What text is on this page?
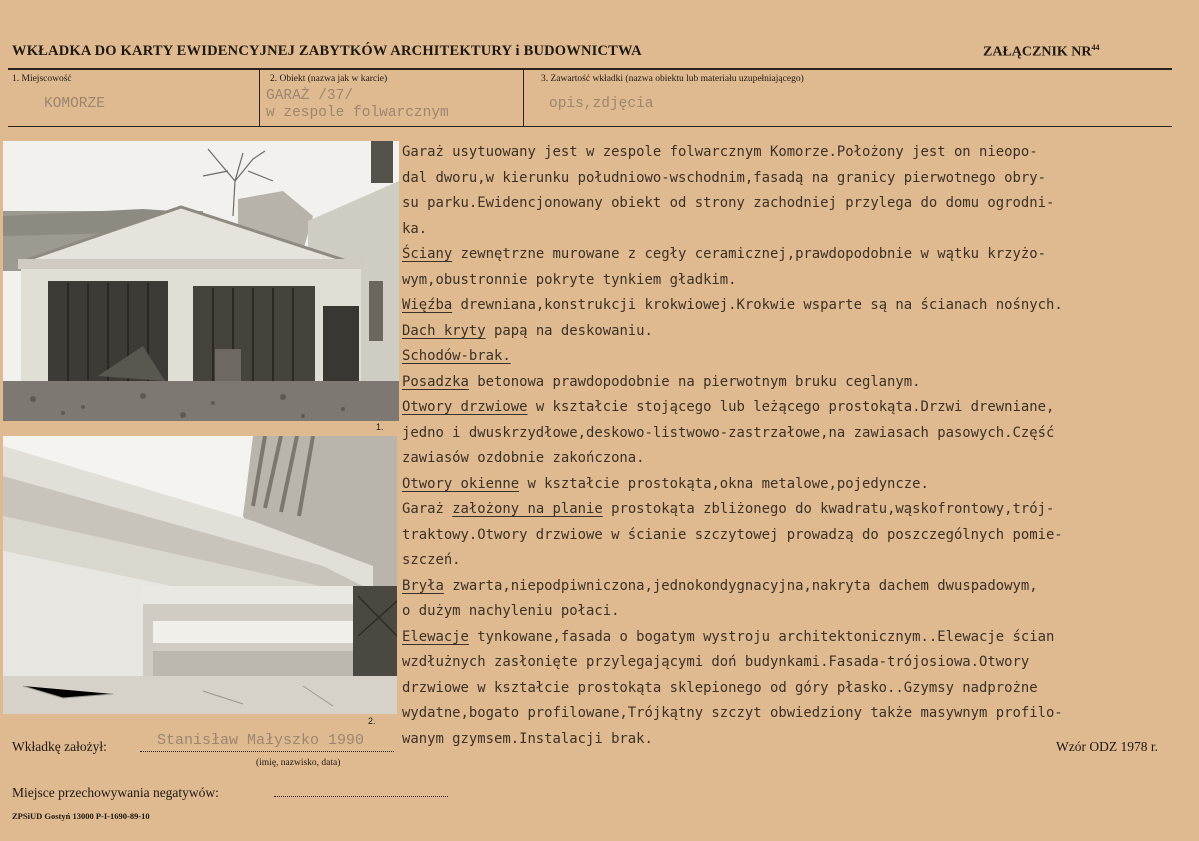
WKŁADKA DO KARTY EWIDENCYJNEJ ZABYTKÓW ARCHITEKTURY i BUDOWNICTWA	ZAŁĄCZNIK NR$^{44}$
1. Miejscowość
KOMORZE
2. Obiekt (nazwa jak w karcie)
GARAŻ /37/
w zespole folwarcznym
3. Zawartość wkładki (nazwa obiektu lub materiału uzupełniającego)
opis,zdjęcia
1.
2.
Garaż usytuowany jest w zespole folwarcznym Komorze.Położony jest on nieopo-
dal dworu,w kierunku południowo-wschodnim,fasadą na granicy pierwotnego obry-
su parku.Ewidencjonowany obiekt od strony zachodniej przylega do domu ogrodni-
ka.
Ściany zewnętrzne murowane z cegły ceramicznej,prawdopodobnie w wątku krzyżo-
wym,obustronnie pokryte tynkiem gładkim.
Więźba drewniana,konstrukcji krokwiowej.Krokwie wsparte są na ścianach nośnych.
Dach kryty papą na deskowaniu.
Schodów-brak.
Posadzka betonowa prawdopodobnie na pierwotnym bruku ceglanym.
Otwory drzwiowe w kształcie stojącego lub leżącego prostokąta.Drzwi drewniane,
jedno i dwuskrzydłowe,deskowo-listwowo-zastrzałowe,na zawiasach pasowych.Część
zawiasów ozdobnie zakończona.
Otwory okienne w kształcie prostokąta,okna metalowe,pojedyncze.
Garaż założony na planie prostokąta zbliżonego do kwadratu,wąskofrontowy,trój-
traktowy.Otwory drzwiowe w ścianie szczytowej prowadzą do poszczególnych pomie-
szczeń.
Bryła zwarta,niepodpiwniczona,jednokondygnacyjna,nakryta dachem dwuspadowym,
o dużym nachyleniu połaci.
Elewacje tynkowane,fasada o bogatym wystroju architektonicznym..Elewacje ścian
wzdłużnych zasłonięte przylegającymi doń budynkami.Fasada-trójosiowa.Otwory
drzwiowe w kształcie prostokąta sklepionego od góry płasko..Gzymsy nadprożne
wydatne,bogato profilowane,Trójkątny szczyt obwiedziony także masywnym profilo-
wanym gzymsem.Instalacji brak.
Wkładkę założył:	Stanisław Małyszko 1990
(imię, nazwisko, data)
Miejsce przechowywania negatywów:
Wzór ODZ 1978 r.
ZPSiUD Gostyń 13000 P-I-1690-89-10
